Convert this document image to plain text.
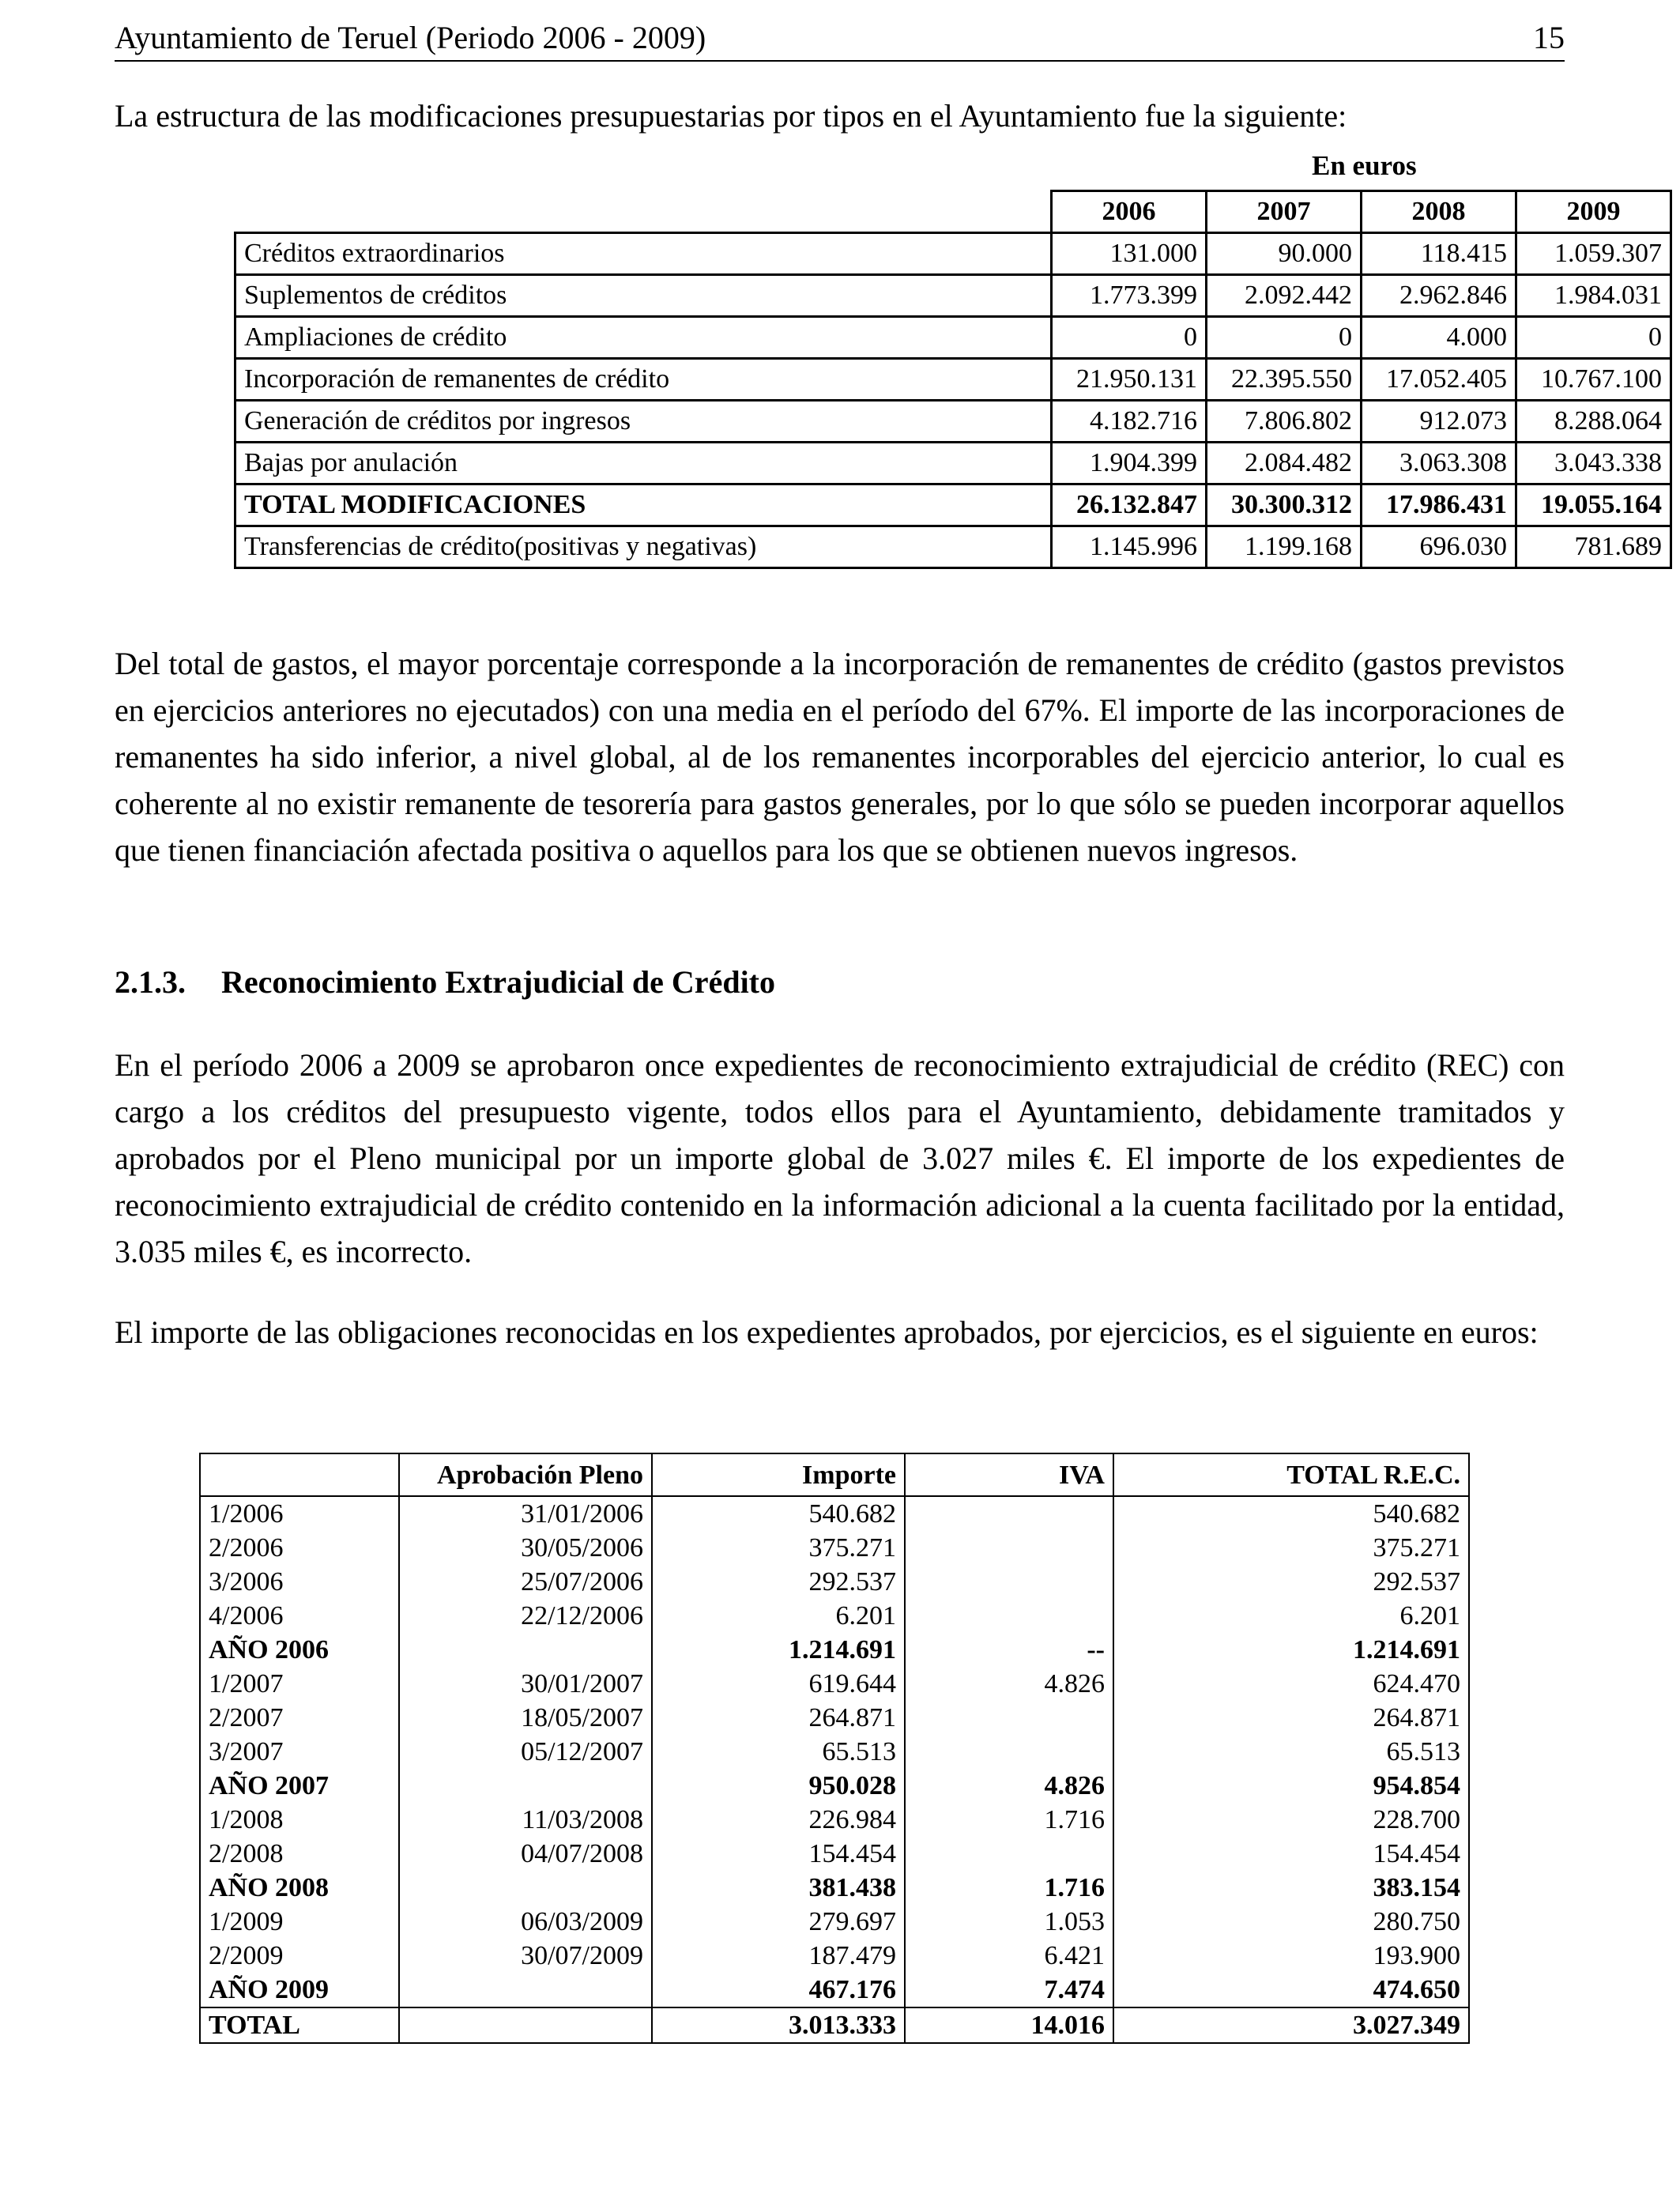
Ayuntamiento de Teruel (Periodo 2006 - 2009)	15
La estructura de las modificaciones presupuestarias por tipos en el Ayuntamiento fue la siguiente:
En euros
	2006	2007	2008	2009
Créditos extraordinarios	131.000	90.000	118.415	1.059.307
Suplementos de créditos	1.773.399	2.092.442	2.962.846	1.984.031
Ampliaciones de crédito	0	0	4.000	0
Incorporación de remanentes de crédito	21.950.131	22.395.550	17.052.405	10.767.100
Generación de créditos por ingresos	4.182.716	7.806.802	912.073	8.288.064
Bajas por anulación	1.904.399	2.084.482	3.063.308	3.043.338
TOTAL MODIFICACIONES	26.132.847	30.300.312	17.986.431	19.055.164
Transferencias de crédito(positivas y negativas)	1.145.996	1.199.168	696.030	781.689
Del total de gastos, el mayor porcentaje corresponde a la incorporación de remanentes de crédito (gastos previstos en ejercicios anteriores no ejecutados) con una media en el período del 67%. El importe de las incorporaciones de remanentes ha sido inferior, a nivel global, al de los remanentes incorporables del ejercicio anterior, lo cual es coherente al no existir remanente de tesorería para gastos generales, por lo que sólo se pueden incorporar aquellos que tienen financiación afectada positiva o aquellos para los que se obtienen nuevos ingresos.
2.1.3. Reconocimiento Extrajudicial de Crédito
En el período 2006 a 2009 se aprobaron once expedientes de reconocimiento extrajudicial de crédito (REC) con cargo a los créditos del presupuesto vigente, todos ellos para el Ayuntamiento, debidamente tramitados y aprobados por el Pleno municipal por un importe global de 3.027 miles €. El importe de los expedientes de reconocimiento extrajudicial de crédito contenido en la información adicional a la cuenta facilitado por la entidad, 3.035 miles €, es incorrecto.
El importe de las obligaciones reconocidas en los expedientes aprobados, por ejercicios, es el siguiente en euros:
	Aprobación Pleno	Importe	IVA	TOTAL R.E.C.
1/2006	31/01/2006	540.682		540.682
2/2006	30/05/2006	375.271		375.271
3/2006	25/07/2006	292.537		292.537
4/2006	22/12/2006	6.201		6.201
AÑO 2006		1.214.691	--	1.214.691
1/2007	30/01/2007	619.644	4.826	624.470
2/2007	18/05/2007	264.871		264.871
3/2007	05/12/2007	65.513		65.513
AÑO 2007		950.028	4.826	954.854
1/2008	11/03/2008	226.984	1.716	228.700
2/2008	04/07/2008	154.454		154.454
AÑO 2008		381.438	1.716	383.154
1/2009	06/03/2009	279.697	1.053	280.750
2/2009	30/07/2009	187.479	6.421	193.900
AÑO 2009		467.176	7.474	474.650
TOTAL		3.013.333	14.016	3.027.349
